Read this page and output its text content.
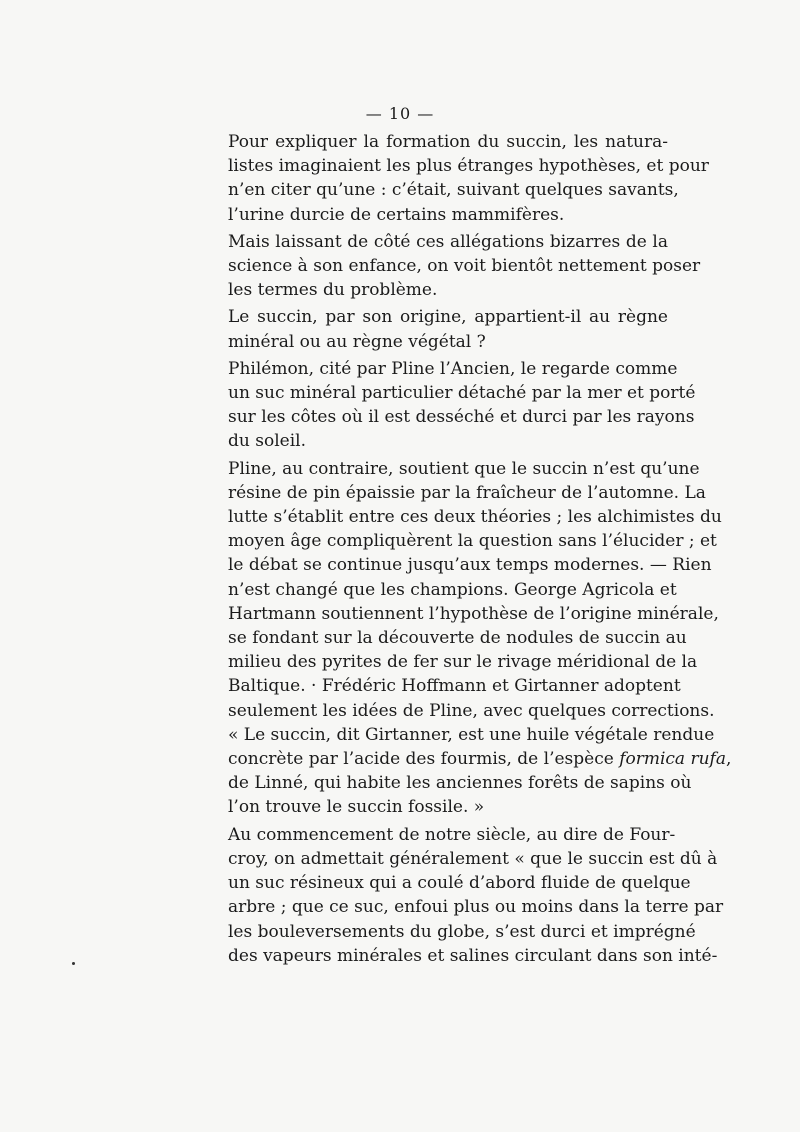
— 10 —
Pour expliquer la formation du succin, les natura-
listes imaginaient les plus étranges hypothèses, et pour
n’en citer qu’une : c’était, suivant quelques savants,
l’urine durcie de certains mammifères.
Mais laissant de côté ces allégations bizarres de la
science à son enfance, on voit bientôt nettement poser
les termes du problème.
Le succin, par son origine, appartient-il au règne
minéral ou au règne végétal ?
Philémon, cité par Pline l’Ancien, le regarde comme
un suc minéral particulier détaché par la mer et porté
sur les côtes où il est desséché et durci par les rayons
du soleil.
Pline, au contraire, soutient que le succin n’est qu’une
résine de pin épaissie par la fraîcheur de l’automne. La
lutte s’établit entre ces deux théories ; les alchimistes du
moyen âge compliquèrent la question sans l’élucider ; et
le débat se continue jusqu’aux temps modernes. — Rien
n’est changé que les champions. George Agricola et
Hartmann soutiennent l’hypothèse de l’origine minérale,
se fondant sur la découverte de nodules de succin au
milieu des pyrites de fer sur le rivage méridional de la
Baltique. · Frédéric Hoffmann et Girtanner adoptent
seulement les idées de Pline, avec quelques corrections.
« Le succin, dit Girtanner, est une huile végétale rendue
concrète par l’acide des fourmis, de l’espèce formica rufa,
de Linné, qui habite les anciennes forêts de sapins où
l’on trouve le succin fossile. »
Au commencement de notre siècle, au dire de Four-
croy, on admettait généralement « que le succin est dû à
un suc résineux qui a coulé d’abord fluide de quelque
arbre ; que ce suc, enfoui plus ou moins dans la terre par
les bouleversements du globe, s’est durci et imprégné
des vapeurs minérales et salines circulant dans son inté-
